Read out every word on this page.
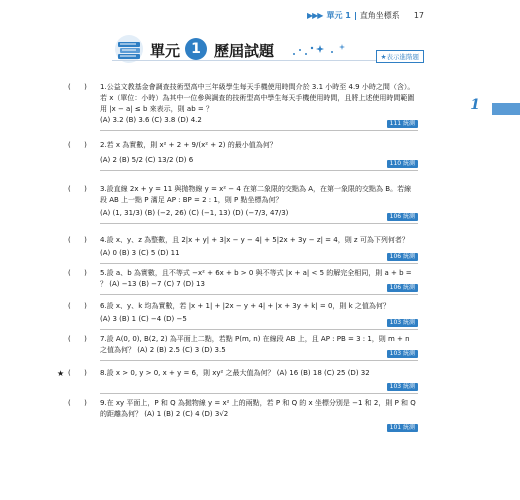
▶▶▶ 單元 1 直角坐標系 17
單元 1 歷屆試題	★表示進階題
1
(      ) 1.公益文教基金會調查技術型高中三年級學生每天手機使用時間介於 3.1 小時至 4.9 小時之間（含）。若 x（單位：小時）為其中一位參與調查的技術型高中學生每天手機使用時間，且將上述使用時間範圍用 |x − a| ≤ b 來表示，則 ab = ？
(A) 3.2 (B) 3.6 (C) 3.8 (D) 4.2	111 統測
(      ) 2.若 x 為實數，則 x² + 2 + 9/(x² + 2) 的最小值為何？
(A) 2 (B) 5/2 (C) 13/2 (D) 6	110 統測
(      ) 3.設直線 2x + y = 11 與拋物線 y = x² − 4 在第二象限的交點為 A，在第一象限的交點為 B。若線段 AB 上一點 P 滿足 AP : BP = 2 : 1，則 P 點坐標為何？
(A) (1, 31/3) (B) (−2, 26) (C) (−1, 13) (D) (−7/3, 47/3)	106 統測
(      ) 4.設 x、y、z 為整數，且 2|x + y| + 3|x − y − 4| + 5|2x + 3y − z| = 4，則 z 可為下列何者？
(A) 0 (B) 3 (C) 5 (D) 11	106 統測
(      ) 5.設 a、b 為實數，且不等式 −x² + 6x + b > 0 與不等式 |x + a| < 5 的解完全相同，則 a + b = ？ (A) −13 (B) −7 (C) 7 (D) 13	106 統測
(      ) 6.設 x、y、k 均為實數，若 |x + 1| + |2x − y + 4| + |x + 3y + k| = 0，則 k 之值為何？
(A) 3 (B) 1 (C) −4 (D) −5	103 統測
(      ) 7.設 A(0, 0), B(2, 2) 為平面上二點，若點 P(m, n) 在線段 AB 上，且 AP : PB = 3 : 1，則 m + n 之值為何？ (A) 2 (B) 2.5 (C) 3 (D) 3.5	103 統測
★ (      ) 8.設 x > 0, y > 0, x + y = 6，則 xy² 之最大值為何？ (A) 16 (B) 18 (C) 25 (D) 32
103 統測
(      ) 9.在 xy 平面上，P 和 Q 為拋物線 y = x² 上的兩點，若 P 和 Q 的 x 坐標分別是 −1 和 2，則 P 和 Q 的距離為何？ (A) 1 (B) 2 (C) 4 (D) 3√2
101 統測
